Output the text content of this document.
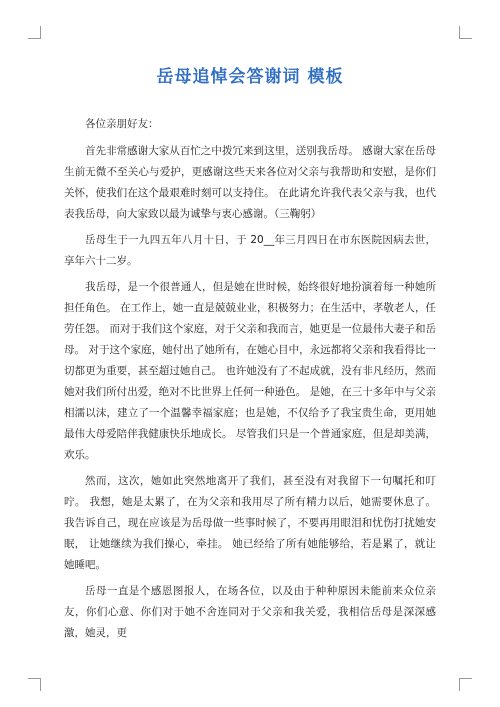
岳母追悼会答谢词 模板

各位亲朋好友：

首先非常感谢大家从百忙之中拨冗来到这里，送别我岳母。 感谢大家在岳母生前无微不至关心与爱护，更感谢这些天来各位对父亲与我帮助和安慰，是你们关怀，使我们在这个最艰难时刻可以支持住。 在此请允许我代表父亲与我，也代表我岳母，向大家致以最为诚挚与衷心感谢。（三鞠躬）

岳母生于一九四五年八月十日，于 20__年三月四日在市东医院因病去世，享年六十二岁。

我岳母，是一个很普通人，但是她在世时候，始终很好地扮演着每一种她所担任角色。 在工作上，她一直是兢兢业业，积极努力；在生活中，孝敬老人，任劳任怨。 而对于我们这个家庭，对于父亲和我而言，她更是一位最伟大妻子和岳母。 对于这个家庭，她付出了她所有，在她心目中，永远都将父亲和我看得比一切都更为重要，甚至超过她自己。 也许她没有了不起成就，没有非凡经历，然而她对我们所付出爱，绝对不比世界上任何一种逊色。 是她，在三十多年中与父亲相濡以沫，建立了一个温馨幸福家庭；也是她，不仅给予了我宝贵生命，更用她最伟大母爱陪伴我健康快乐地成长。 尽管我们只是一个普通家庭，但是却美满，欢乐。

然而，这次，她如此突然地离开了我们，甚至没有对我留下一句嘱托和叮咛。 我想，她是太累了，在为父亲和我用尽了所有精力以后，她需要休息了。 我告诉自己，现在应该是为岳母做一些事时候了，不要再用眼泪和忧伤打扰她安眠， 让她继续为我们操心，牵挂。 她已经给了所有她能够给，若是累了，就让她睡吧。

岳母一直是个感恩图报人，在场各位，以及由于种种原因未能前来众位亲友，你们心意、你们对于她不舍连同对于父亲和我关爱，我相信岳母是深深感激，她灵，更
